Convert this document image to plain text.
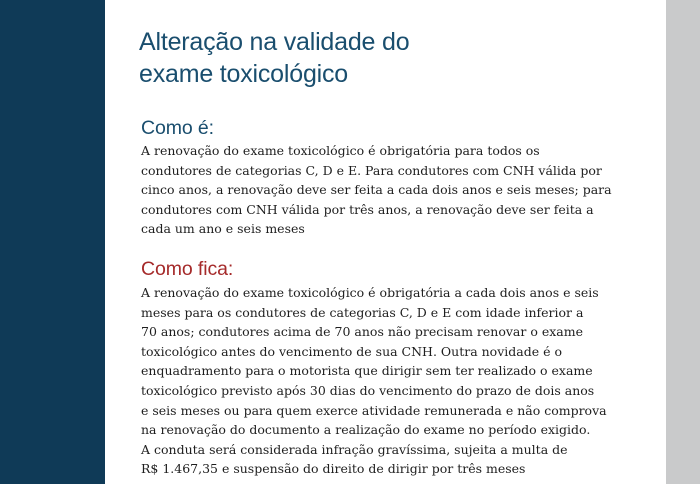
Alteração na validade do
exame toxicológico
Como é:

A renovação do exame toxicológico é obrigatória para todos os
condutores de categorias C, D e E. Para condutores com CNH válida por
cinco anos, a renovação deve ser feita a cada dois anos e seis meses; para
condutores com CNH válida por três anos, a renovação deve ser feita a
cada um ano e seis meses

Como fica:

A renovação do exame toxicológico é obrigatória a cada dois anos e seis
meses para os condutores de categorias C, D e E com idade inferior a
70 anos; condutores acima de 70 anos não precisam renovar o exame
toxicológico antes do vencimento de sua CNH. Outra novidade é o
enquadramento para o motorista que dirigir sem ter realizado o exame
toxicológico previsto após 30 dias do vencimento do prazo de dois anos
e seis meses ou para quem exerce atividade remunerada e não comprova
na renovação do documento a realização do exame no período exigido.
A conduta será considerada infração gravíssima, sujeita a multa de
R$ 1.467,35 e suspensão do direito de dirigir por três meses
